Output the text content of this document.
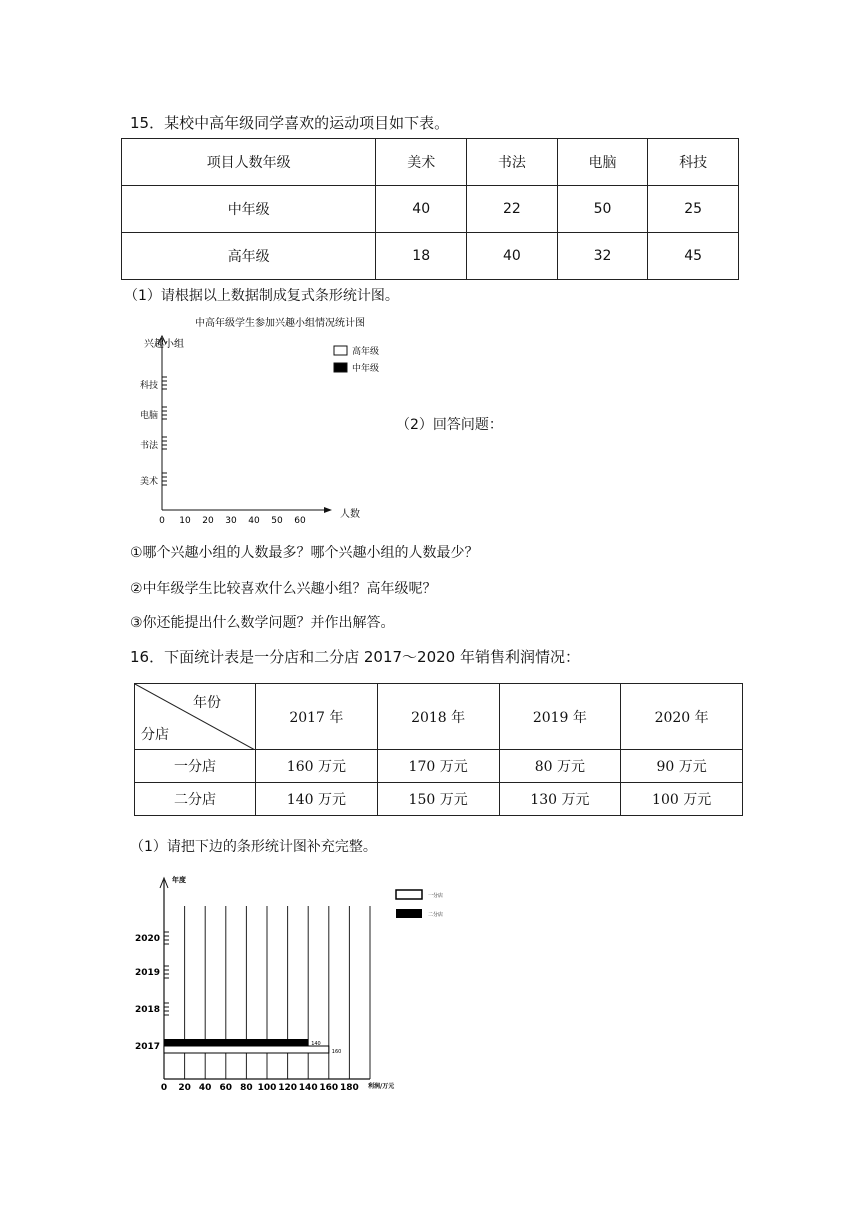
15．某校中高年级同学喜欢的运动项目如下表。
项目人数年级	美术	书法	电脑	科技
中年级	40	22	50	25
高年级	18	40	32	45
（1）请根据以上数据制成复式条形统计图。
中高年级学生参加兴趣小组情况统计图
兴趣小组
人数
0 10 20 30 40 50 60
美术
书法
电脑
科技
高年级
中年级
（2）回答问题：
①哪个兴趣小组的人数最多？哪个兴趣小组的人数最少？
②中年级学生比较喜欢什么兴趣小组？高年级呢？
③你还能提出什么数学问题？并作出解答。
16．下面统计表是一分店和二分店 2017～2020 年销售利润情况：
年份
分店	2017 年	2018 年	2019 年	2020 年
一分店	160 万元	170 万元	80 万元	90 万元
二分店	140 万元	150 万元	130 万元	100 万元
（1）请把下边的条形统计图补充完整。
年度
利润/万元
0 20 40 60 80 100 120 140 160 180
2017
2018
2019
2020
140
160
一分店
二分店
